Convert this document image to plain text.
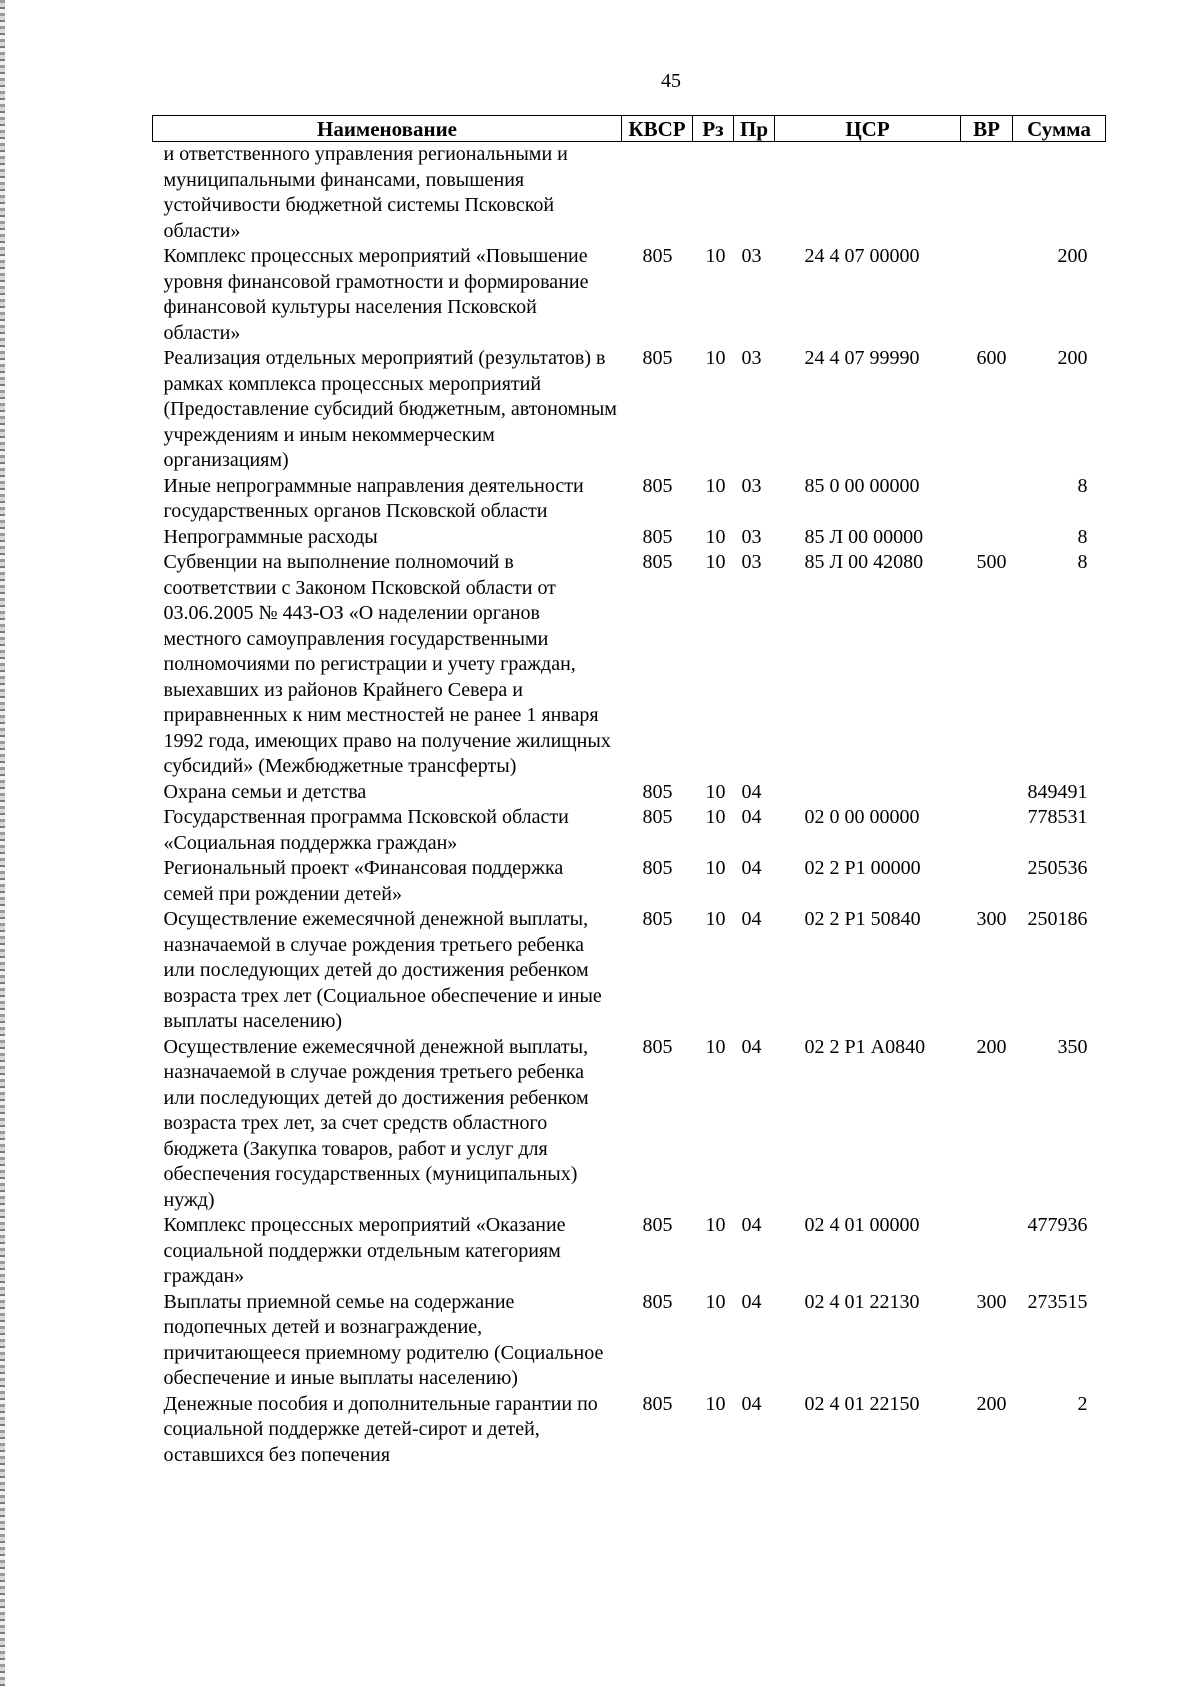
45
Наименование	КВСР	Рз	Пр	ЦСР	ВР	Сумма
и ответственного управления региональными и муниципальными финансами, повышения устойчивости бюджетной системы Псковской области»						
Комплекс процессных мероприятий «Повышение уровня финансовой грамотности и формирование финансовой культуры населения Псковской области»	805	10	03	24 4 07 00000		200
Реализация отдельных мероприятий (результатов) в рамках комплекса процессных мероприятий (Предоставление субсидий бюджетным, автономным учреждениям и иным некоммерческим организациям)	805	10	03	24 4 07 99990	600	200
Иные непрограммные направления деятельности государственных органов Псковской области	805	10	03	85 0 00 00000		8
Непрограммные расходы	805	10	03	85 Л 00 00000		8
Субвенции на выполнение полномочий в соответствии с Законом Псковской области от 03.06.2005 № 443-ОЗ «О наделении органов местного самоуправления государственными полномочиями по регистрации и учету граждан, выехавших из районов Крайнего Севера и приравненных к ним местностей не ранее 1 января 1992 года, имеющих право на получение жилищных субсидий» (Межбюджетные трансферты)	805	10	03	85 Л 00 42080	500	8
Охрана семьи и детства	805	10	04			849491
Государственная программа Псковской области «Социальная поддержка граждан»	805	10	04	02 0 00 00000		778531
Региональный проект «Финансовая поддержка семей при рождении детей»	805	10	04	02 2 Р1 00000		250536
Осуществление ежемесячной денежной выплаты, назначаемой в случае рождения третьего ребенка или последующих детей до достижения ребенком возраста трех лет (Социальное обеспечение и иные выплаты населению)	805	10	04	02 2 Р1 50840	300	250186
Осуществление ежемесячной денежной выплаты, назначаемой в случае рождения третьего ребенка или последующих детей до достижения ребенком возраста трех лет, за счет средств областного бюджета (Закупка товаров, работ и услуг для обеспечения государственных (муниципальных) нужд)	805	10	04	02 2 Р1 А0840	200	350
Комплекс процессных мероприятий «Оказание социальной поддержки отдельным категориям граждан»	805	10	04	02 4 01 00000		477936
Выплаты приемной семье на содержание подопечных детей и вознаграждение, причитающееся приемному родителю (Социальное обеспечение и иные выплаты населению)	805	10	04	02 4 01 22130	300	273515
Денежные пособия и дополнительные гарантии по социальной поддержке детей-сирот и детей, оставшихся без попечения	805	10	04	02 4 01 22150	200	2
